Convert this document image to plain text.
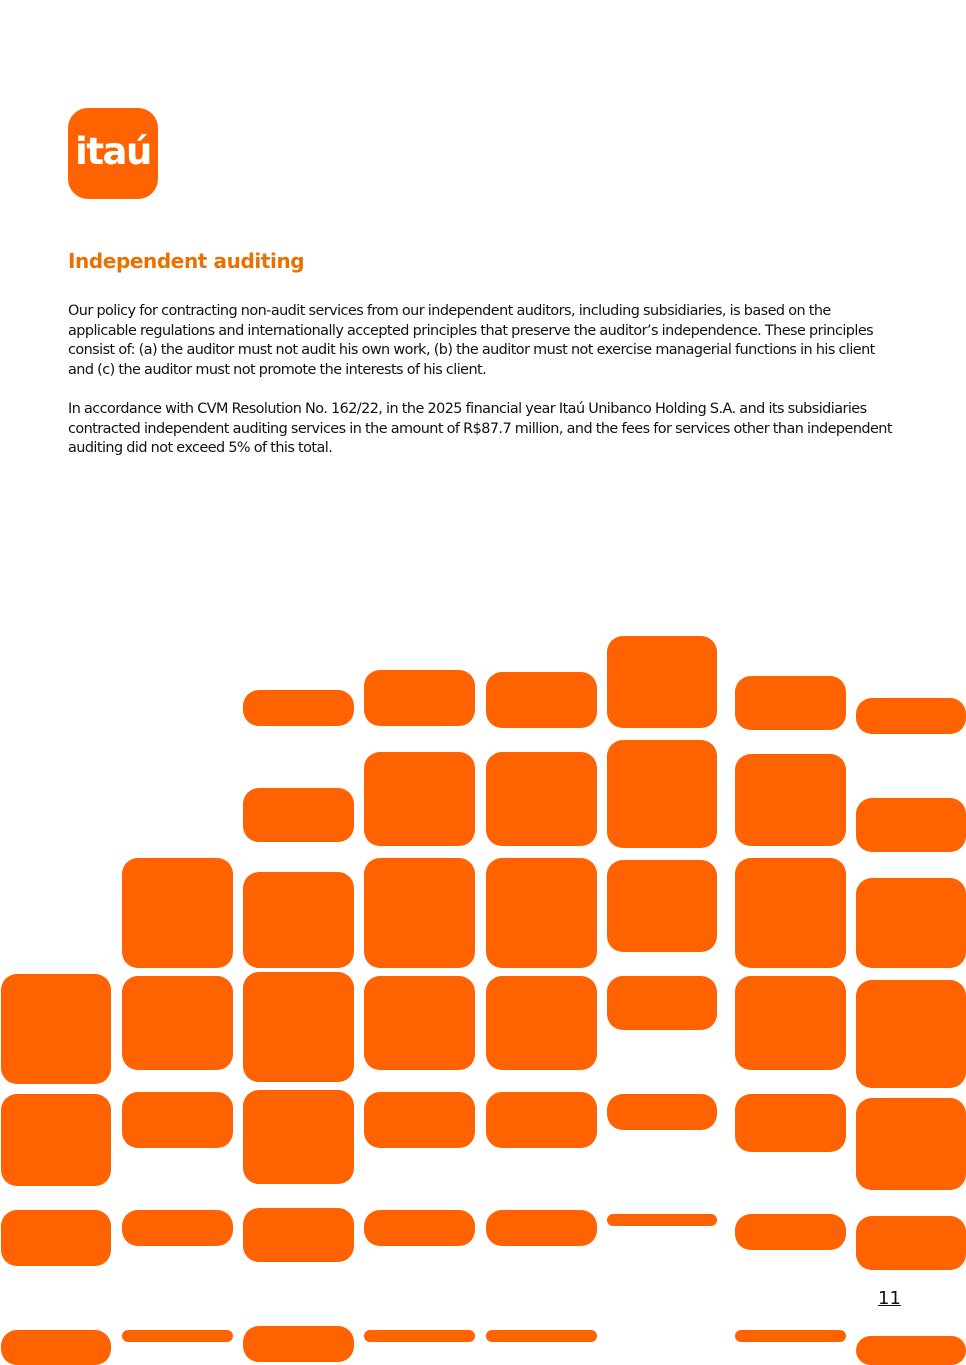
itaú
Independent auditing

Our policy for contracting non-audit services from our independent auditors, including subsidiaries, is based on the applicable regulations and internationally accepted principles that preserve the auditor’s independence. These principles consist of: (a) the auditor must not audit his own work, (b) the auditor must not exercise managerial functions in his client and (c) the auditor must not promote the interests of his client.

In accordance with CVM Resolution No. 162/22, in the 2025 financial year Itaú Unibanco Holding S.A. and its subsidiaries contracted independent auditing services in the amount of R$87.7 million, and the fees for services other than independent auditing did not exceed 5% of this total.

11
